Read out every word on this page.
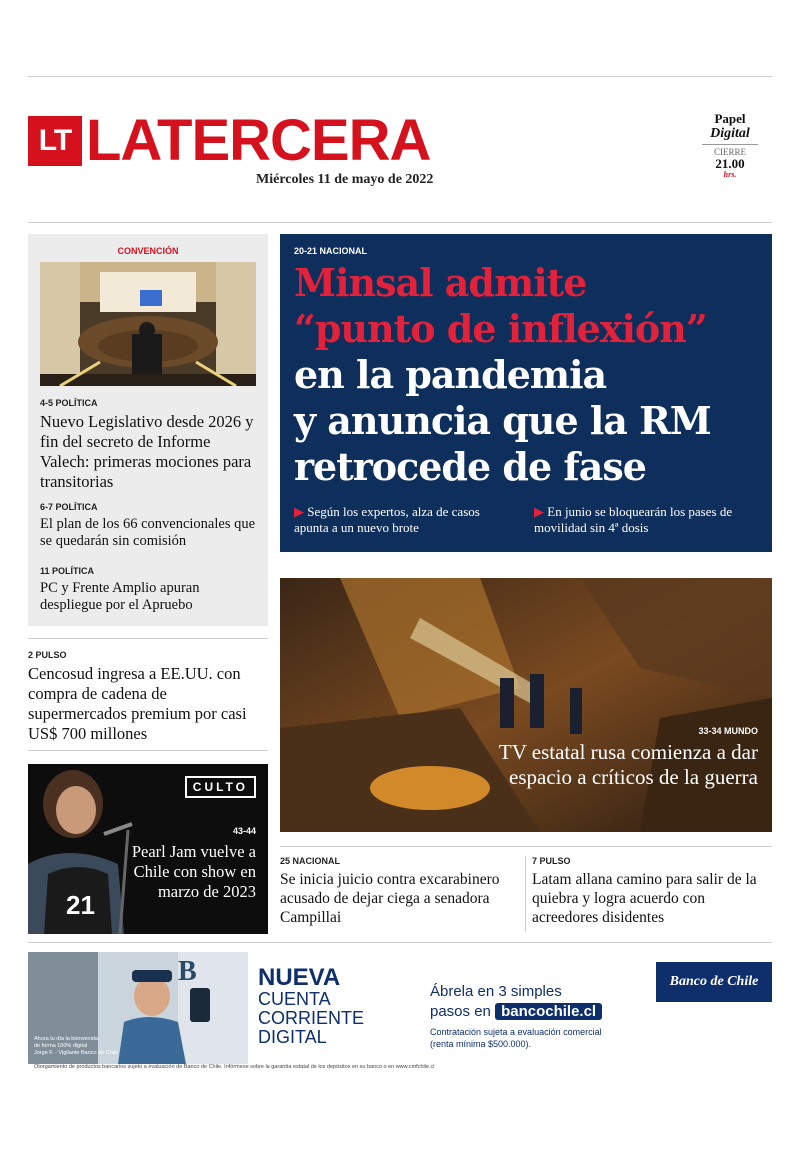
LT LATERCERA
Miércoles 11 de mayo de 2022
Papel
Digital
CIERRE
21.00
hrs.
CONVENCIÓN
4-5 POLÍTICA
Nuevo Legislativo desde 2026 y fin del secreto de Informe Valech: primeras mociones para transitorias
6-7 POLÍTICA
El plan de los 66 convencionales que se quedarán sin comisión
11 POLÍTICA
PC y Frente Amplio apuran despliegue por el Apruebo
2 PULSO
Cencosud ingresa a EE.UU. con compra de cadena de supermercados premium por casi US$ 700 millones
21
CULTO
43-44
Pearl Jam vuelve a Chile con show en marzo de 2023
20-21 NACIONAL
Minsal admite
“punto de inflexión”
en la pandemia
y anuncia que la RM
retrocede de fase
▶ Según los expertos, alza de casos apunta a un nuevo brote
▶ En junio se bloquearán los pases de movilidad sin 4ª dosis
33-34 MUNDO
TV estatal rusa comienza a dar espacio a críticos de la guerra
25 NACIONAL
Se inicia juicio contra excarabinero acusado de dejar ciega a senadora Campillai
7 PULSO
Latam allana camino para salir de la quiebra y logra acuerdo con acreedores disidentes
B
Ahora tu día la bienvenida
de forma 100% digital
Jorge F. - Vigilante Banco de Chile
NUEVA
CUENTA
CORRIENTE
DIGITAL
Ábrela en 3 simples
pasos en bancochile.cl
Contratación sujeta a evaluación comercial
(renta mínima $500.000).
Banco de Chile
Otorgamiento de productos bancarios sujeto a evaluación de Banco de Chile. Infórmese sobre la garantía estatal de los depósitos en su banco o en www.cmfchile.cl
